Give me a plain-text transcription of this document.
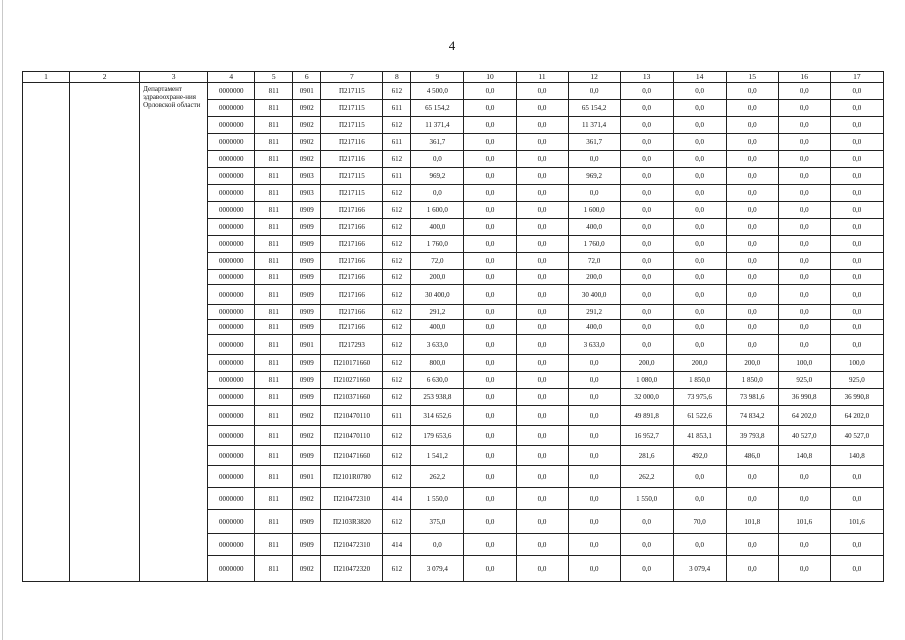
4
1	2	3	4	5	6	7	8	9	10	11	12	13	14	15	16	17
		Департамент здравоохране-ния Орловской области	0000000	811	0901	П217115	612	4 500,0	0,0	0,0	0,0	0,0	0,0	0,0	0,0	0,0
			0000000	811	0902	П217115	611	65 154,2	0,0	0,0	65 154,2	0,0	0,0	0,0	0,0	0,0
			0000000	811	0902	П217115	612	11 371,4	0,0	0,0	11 371,4	0,0	0,0	0,0	0,0	0,0
			0000000	811	0902	П217116	611	361,7	0,0	0,0	361,7	0,0	0,0	0,0	0,0	0,0
			0000000	811	0902	П217116	612	0,0	0,0	0,0	0,0	0,0	0,0	0,0	0,0	0,0
			0000000	811	0903	П217115	611	969,2	0,0	0,0	969,2	0,0	0,0	0,0	0,0	0,0
			0000000	811	0903	П217115	612	0,0	0,0	0,0	0,0	0,0	0,0	0,0	0,0	0,0
			0000000	811	0909	П217166	612	1 600,0	0,0	0,0	1 600,0	0,0	0,0	0,0	0,0	0,0
			0000000	811	0909	П217166	612	400,0	0,0	0,0	400,0	0,0	0,0	0,0	0,0	0,0
			0000000	811	0909	П217166	612	1 760,0	0,0	0,0	1 760,0	0,0	0,0	0,0	0,0	0,0
			0000000	811	0909	П217166	612	72,0	0,0	0,0	72,0	0,0	0,0	0,0	0,0	0,0
			0000000	811	0909	П217166	612	200,0	0,0	0,0	200,0	0,0	0,0	0,0	0,0	0,0
			0000000	811	0909	П217166	612	30 400,0	0,0	0,0	30 400,0	0,0	0,0	0,0	0,0	0,0
			0000000	811	0909	П217166	612	291,2	0,0	0,0	291,2	0,0	0,0	0,0	0,0	0,0
			0000000	811	0909	П217166	612	400,0	0,0	0,0	400,0	0,0	0,0	0,0	0,0	0,0
			0000000	811	0901	П217293	612	3 633,0	0,0	0,0	3 633,0	0,0	0,0	0,0	0,0	0,0
			0000000	811	0909	П210171660	612	800,0	0,0	0,0	0,0	200,0	200,0	200,0	100,0	100,0
			0000000	811	0909	П210271660	612	6 630,0	0,0	0,0	0,0	1 080,0	1 850,0	1 850,0	925,0	925,0
			0000000	811	0909	П210371660	612	253 938,8	0,0	0,0	0,0	32 000,0	73 975,6	73 981,6	36 990,8	36 990,8
			0000000	811	0902	П210470110	611	314 652,6	0,0	0,0	0,0	49 891,8	61 522,6	74 834,2	64 202,0	64 202,0
			0000000	811	0902	П210470110	612	179 653,6	0,0	0,0	0,0	16 952,7	41 853,1	39 793,8	40 527,0	40 527,0
			0000000	811	0909	П210471660	612	1 541,2	0,0	0,0	0,0	281,6	492,0	486,0	140,8	140,8
			0000000	811	0901	П2101R0780	612	262,2	0,0	0,0	0,0	262,2	0,0	0,0	0,0	0,0
			0000000	811	0902	П210472310	414	1 550,0	0,0	0,0	0,0	1 550,0	0,0	0,0	0,0	0,0
			0000000	811	0909	П2103R3820	612	375,0	0,0	0,0	0,0	0,0	70,0	101,8	101,6	101,6
			0000000	811	0909	П210472310	414	0,0	0,0	0,0	0,0	0,0	0,0	0,0	0,0	0,0
			0000000	811	0902	П210472320	612	3 079,4	0,0	0,0	0,0	0,0	3 079,4	0,0	0,0	0,0
